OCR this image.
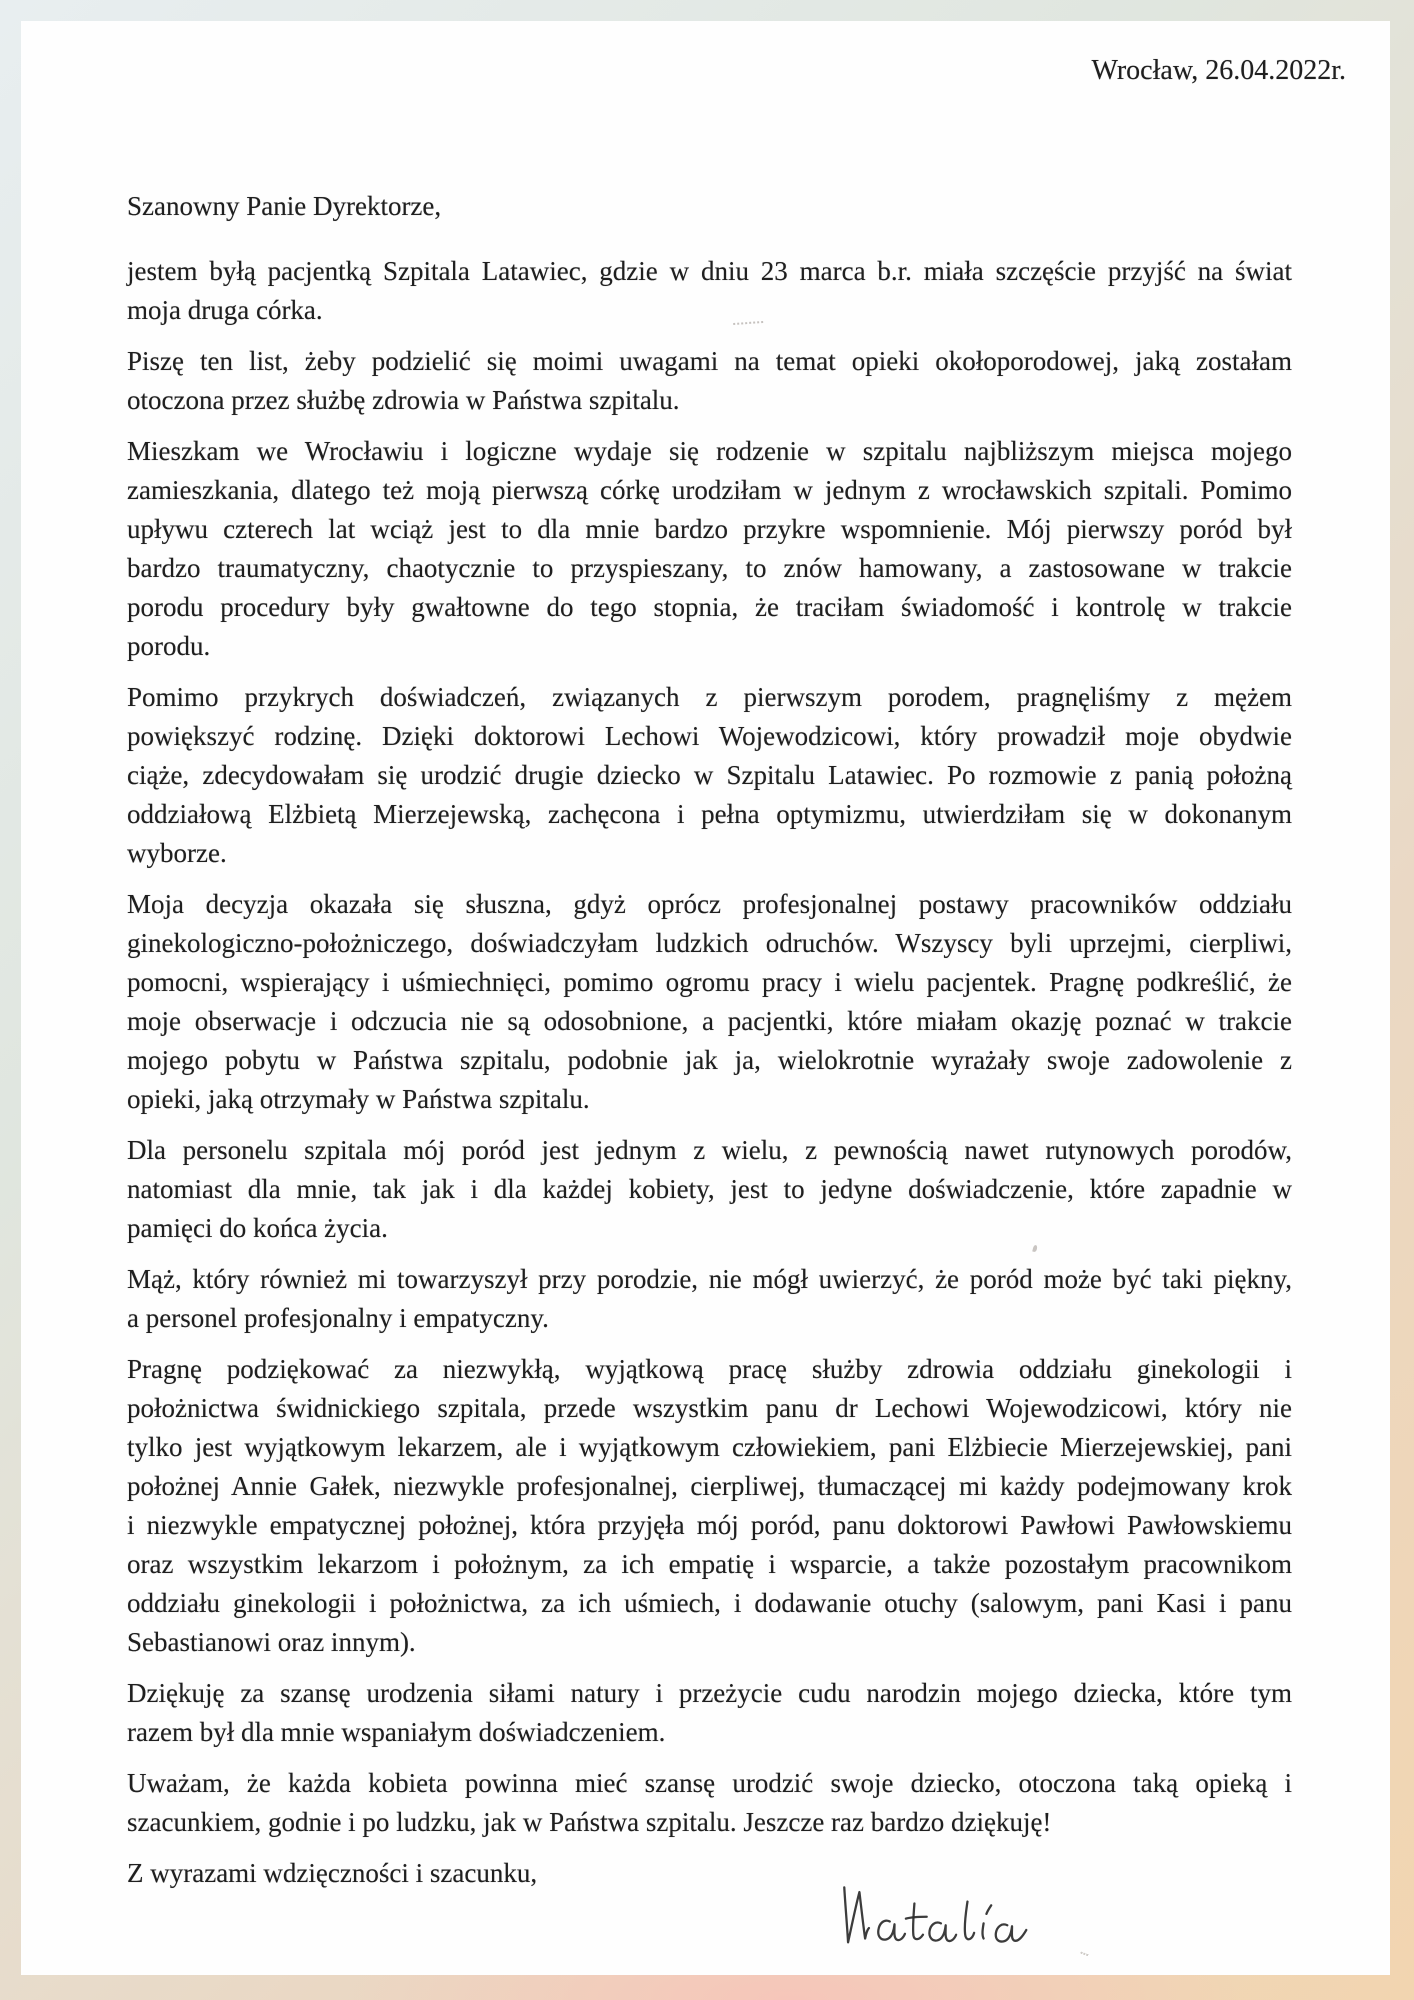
Wrocław, 26.04.2022r.
Szanowny Panie Dyrektorze,
jestem byłą pacjentką Szpitala Latawiec, gdzie w dniu 23 marca b.r. miała szczęście przyjść na świat
moja druga córka.
Piszę ten list, żeby podzielić się moimi uwagami na temat opieki okołoporodowej, jaką zostałam
otoczona przez służbę zdrowia w Państwa szpitalu.
Mieszkam we Wrocławiu i logiczne wydaje się rodzenie w szpitalu najbliższym miejsca mojego
zamieszkania, dlatego też moją pierwszą córkę urodziłam w jednym z wrocławskich szpitali. Pomimo
upływu czterech lat wciąż jest to dla mnie bardzo przykre wspomnienie. Mój pierwszy poród był
bardzo traumatyczny, chaotycznie to przyspieszany, to znów hamowany, a zastosowane w trakcie
porodu procedury były gwałtowne do tego stopnia, że traciłam świadomość i kontrolę w trakcie
porodu.
Pomimo przykrych doświadczeń, związanych z pierwszym porodem, pragnęliśmy z mężem
powiększyć rodzinę. Dzięki doktorowi Lechowi Wojewodzicowi, który prowadził moje obydwie
ciąże, zdecydowałam się urodzić drugie dziecko w Szpitalu Latawiec. Po rozmowie z panią położną
oddziałową Elżbietą Mierzejewską, zachęcona i pełna optymizmu, utwierdziłam się w dokonanym
wyborze.
Moja decyzja okazała się słuszna, gdyż oprócz profesjonalnej postawy pracowników oddziału
ginekologiczno-położniczego, doświadczyłam ludzkich odruchów. Wszyscy byli uprzejmi, cierpliwi,
pomocni, wspierający i uśmiechnięci, pomimo ogromu pracy i wielu pacjentek. Pragnę podkreślić, że
moje obserwacje i odczucia nie są odosobnione, a pacjentki, które miałam okazję poznać w trakcie
mojego pobytu w Państwa szpitalu, podobnie jak ja, wielokrotnie wyrażały swoje zadowolenie z
opieki, jaką otrzymały w Państwa szpitalu.
Dla personelu szpitala mój poród jest jednym z wielu, z pewnością nawet rutynowych porodów,
natomiast dla mnie, tak jak i dla każdej kobiety, jest to jedyne doświadczenie, które zapadnie w
pamięci do końca życia.
Mąż, który również mi towarzyszył przy porodzie, nie mógł uwierzyć, że poród może być taki piękny,
a personel profesjonalny i empatyczny.
Pragnę podziękować za niezwykłą, wyjątkową pracę służby zdrowia oddziału ginekologii i
położnictwa świdnickiego szpitala, przede wszystkim panu dr Lechowi Wojewodzicowi, który nie
tylko jest wyjątkowym lekarzem, ale i wyjątkowym człowiekiem, pani Elżbiecie Mierzejewskiej, pani
położnej Annie Gałek, niezwykle profesjonalnej, cierpliwej, tłumaczącej mi każdy podejmowany krok
i niezwykle empatycznej położnej, która przyjęła mój poród, panu doktorowi Pawłowi Pawłowskiemu
oraz wszystkim lekarzom i położnym, za ich empatię i wsparcie, a także pozostałym pracownikom
oddziału ginekologii i położnictwa, za ich uśmiech, i dodawanie otuchy (salowym, pani Kasi i panu
Sebastianowi oraz innym).
Dziękuję za szansę urodzenia siłami natury i przeżycie cudu narodzin mojego dziecka, które tym
razem był dla mnie wspaniałym doświadczeniem.
Uważam, że każda kobieta powinna mieć szansę urodzić swoje dziecko, otoczona taką opieką i
szacunkiem, godnie i po ludzku, jak w Państwa szpitalu. Jeszcze raz bardzo dziękuję!
Z wyrazami wdzięczności i szacunku,
